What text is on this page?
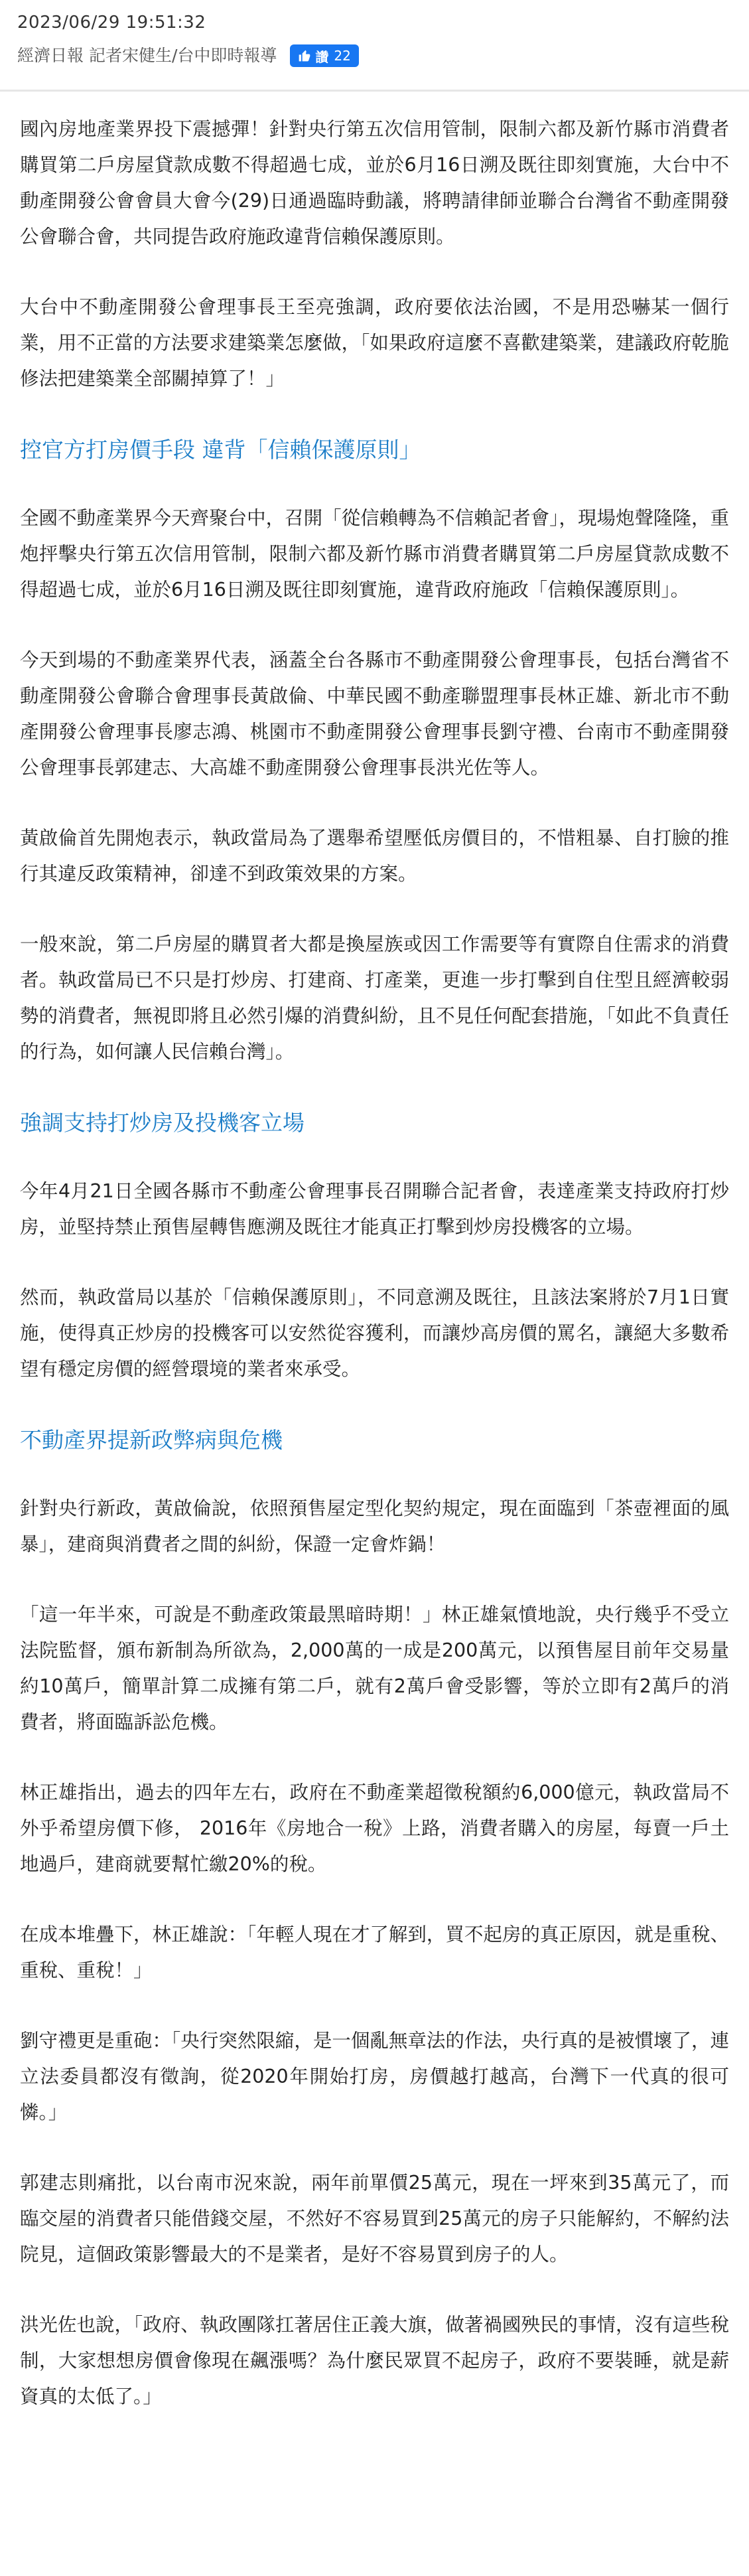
2023/06/29 19:51:32
經濟日報 記者宋健生/台中即時報導	讚 22

國內房地產業界投下震撼彈！針對央行第五次信用管制，限制六都及新竹縣市消費者購買第二戶房屋貸款成數不得超過七成，並於6月16日溯及既往即刻實施，大台中不動產開發公會會員大會今(29)日通過臨時動議，將聘請律師並聯合台灣省不動產開發公會聯合會，共同提告政府施政違背信賴保護原則。

大台中不動產開發公會理事長王至亮強調，政府要依法治國，不是用恐嚇某一個行業，用不正當的方法要求建築業怎麼做，「如果政府這麼不喜歡建築業，建議政府乾脆修法把建築業全部關掉算了！」

控官方打房價手段 違背「信賴保護原則」

全國不動產業界今天齊聚台中，召開「從信賴轉為不信賴記者會」，現場炮聲隆隆，重炮抨擊央行第五次信用管制，限制六都及新竹縣市消費者購買第二戶房屋貸款成數不得超過七成，並於6月16日溯及既往即刻實施，違背政府施政「信賴保護原則」。

今天到場的不動產業界代表，涵蓋全台各縣市不動產開發公會理事長，包括台灣省不動產開發公會聯合會理事長黃啟倫、中華民國不動產聯盟理事長林正雄、新北市不動產開發公會理事長廖志鴻、桃園市不動產開發公會理事長劉守禮、台南市不動產開發公會理事長郭建志、大高雄不動產開發公會理事長洪光佐等人。

黃啟倫首先開炮表示，執政當局為了選舉希望壓低房價目的，不惜粗暴、自打臉的推行其違反政策精神，卻達不到政策效果的方案。

一般來說，第二戶房屋的購買者大都是換屋族或因工作需要等有實際自住需求的消費者。執政當局已不只是打炒房、打建商、打產業，更進一步打擊到自住型且經濟較弱勢的消費者，無視即將且必然引爆的消費糾紛，且不見任何配套措施，「如此不負責任的行為，如何讓人民信賴台灣」。

強調支持打炒房及投機客立場

今年4月21日全國各縣市不動產公會理事長召開聯合記者會，表達產業支持政府打炒房，並堅持禁止預售屋轉售應溯及既往才能真正打擊到炒房投機客的立場。

然而，執政當局以基於「信賴保護原則」，不同意溯及既往，且該法案將於7月1日實施，使得真正炒房的投機客可以安然從容獲利，而讓炒高房價的罵名，讓絕大多數希望有穩定房價的經營環境的業者來承受。

不動產界提新政弊病與危機

針對央行新政，黃啟倫說，依照預售屋定型化契約規定，現在面臨到「茶壺裡面的風暴」，建商與消費者之間的糾紛，保證一定會炸鍋！

「這一年半來，可說是不動產政策最黑暗時期！」林正雄氣憤地說，央行幾乎不受立法院監督，頒布新制為所欲為，2,000萬的一成是200萬元，以預售屋目前年交易量約10萬戶，簡單計算二成擁有第二戶，就有2萬戶會受影響，等於立即有2萬戶的消費者，將面臨訴訟危機。

林正雄指出，過去的四年左右，政府在不動產業超徵稅額約6,000億元，執政當局不外乎希望房價下修， 2016年《房地合一稅》上路，消費者購入的房屋，每賣一戶土地過戶，建商就要幫忙繳20%的稅。

在成本堆疊下，林正雄說：「年輕人現在才了解到，買不起房的真正原因，就是重稅、重稅、重稅！」

劉守禮更是重砲：「央行突然限縮，是一個亂無章法的作法，央行真的是被慣壞了，連立法委員都沒有徵詢，從2020年開始打房，房價越打越高，台灣下一代真的很可憐。」

郭建志則痛批，以台南市況來說，兩年前單價25萬元，現在一坪來到35萬元了，而臨交屋的消費者只能借錢交屋，不然好不容易買到25萬元的房子只能解約，不解約法院見，這個政策影響最大的不是業者，是好不容易買到房子的人。

洪光佐也說，「政府、執政團隊扛著居住正義大旗，做著禍國殃民的事情，沒有這些稅制，大家想想房價會像現在飆漲嗎？為什麼民眾買不起房子，政府不要裝睡，就是薪資真的太低了。」
